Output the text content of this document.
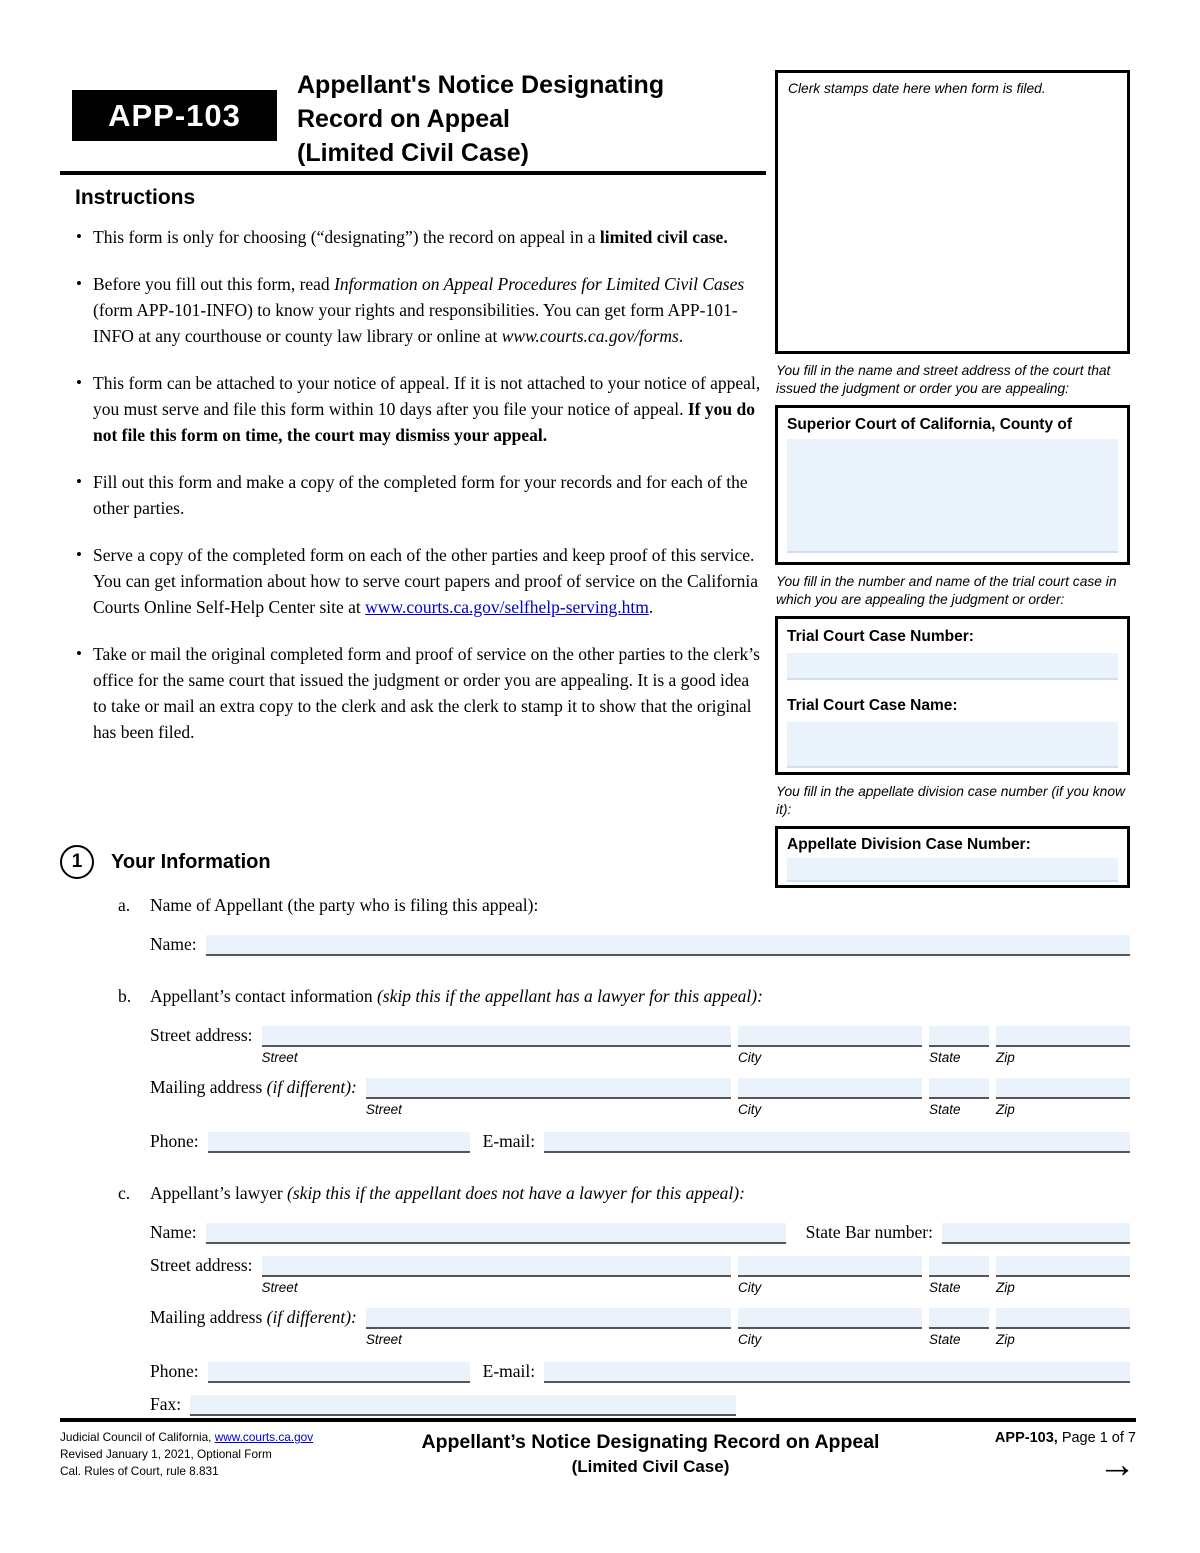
APP-103
Appellant's Notice Designating
Record on Appeal
(Limited Civil Case)
Instructions
• This form is only for choosing (“designating”) the record on appeal in a limited civil case.
• Before you fill out this form, read Information on Appeal Procedures for Limited Civil Cases (form APP-101-INFO) to know your rights and responsibilities. You can get form APP-101-INFO at any courthouse or county law library or online at www.courts.ca.gov/forms.
• This form can be attached to your notice of appeal. If it is not attached to your notice of appeal, you must serve and file this form within 10 days after you file your notice of appeal. If you do not file this form on time, the court may dismiss your appeal.
• Fill out this form and make a copy of the completed form for your records and for each of the other parties.
• Serve a copy of the completed form on each of the other parties and keep proof of this service. You can get information about how to serve court papers and proof of service on the California Courts Online Self-Help Center site at www.courts.ca.gov/selfhelp-serving.htm.
• Take or mail the original completed form and proof of service on the other parties to the clerk’s office for the same court that issued the judgment or order you are appealing. It is a good idea to take or mail an extra copy to the clerk and ask the clerk to stamp it to show that the original has been filed.
Clerk stamps date here when form is filed.
You fill in the name and street address of the court that issued the judgment or order you are appealing:
Superior Court of California, County of
You fill in the number and name of the trial court case in which you are appealing the judgment or order:
Trial Court Case Number:
Trial Court Case Name:
You fill in the appellate division case number (if you know it):
Appellate Division Case Number:
1	Your Information
a.	Name of Appellant (the party who is filing this appeal):
Name:
b.	Appellant’s contact information (skip this if the appellant has a lawyer for this appeal):
Street address:
Street	City	State	Zip
Mailing address (if different):
Street	City	State	Zip
Phone:	E-mail:
c.	Appellant’s lawyer (skip this if the appellant does not have a lawyer for this appeal):
Name:	State Bar number:
Street address:
Street	City	State	Zip
Mailing address (if different):
Street	City	State	Zip
Phone:	E-mail:
Fax:
Judicial Council of California, www.courts.ca.gov
Revised January 1, 2021, Optional Form
Cal. Rules of Court, rule 8.831
Appellant’s Notice Designating Record on Appeal
(Limited Civil Case)
APP-103, Page 1 of 7
→
